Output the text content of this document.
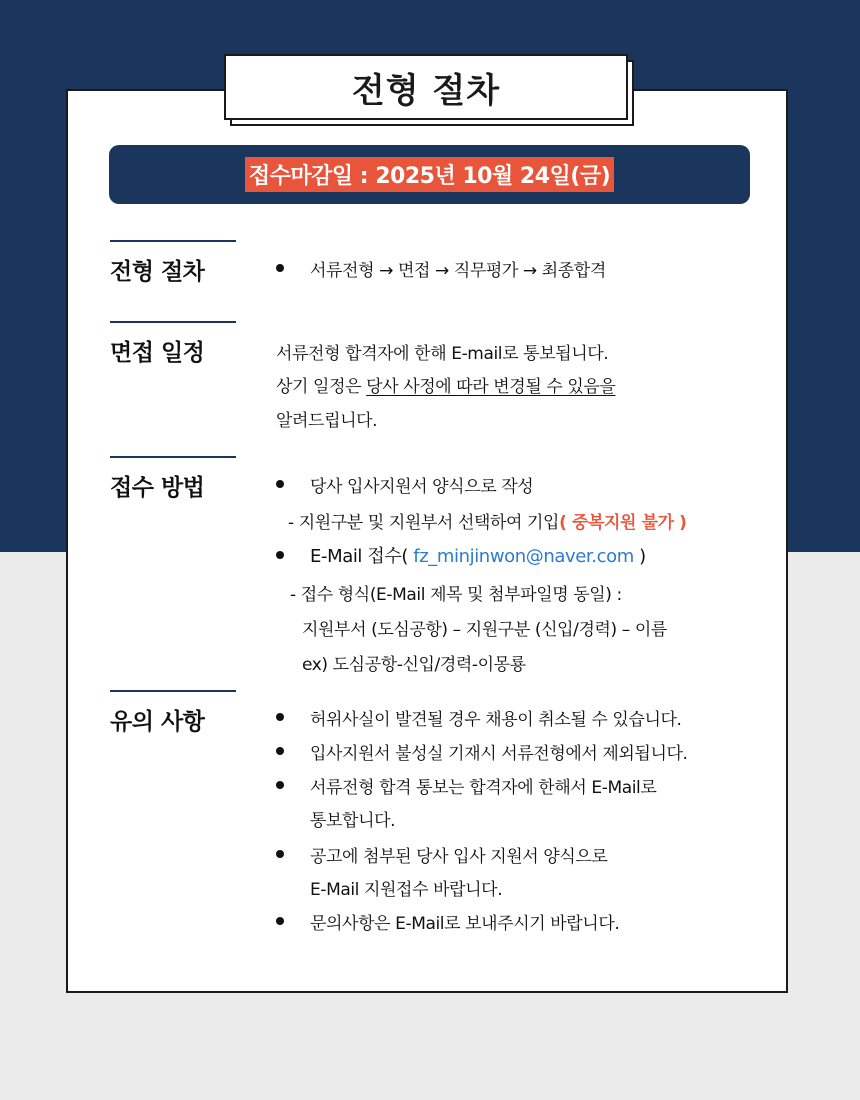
전형 절차
접수마감일 : 2025년 10월 24일(금)
전형 절차	서류전형 → 면접 → 직무평가 → 최종합격
면접 일정	서류전형 합격자에 한해 E-mail로 통보됩니다.
상기 일정은 당사 사정에 따라 변경될 수 있음을
알려드립니다.
접수 방법	당사 입사지원서 양식으로 작성
- 지원구분 및 지원부서 선택하여 기입( 중복지원 불가 )
E-Mail 접수( fz_minjinwon@naver.com )
- 접수 형식(E-Mail 제목 및 첨부파일명 동일) :
지원부서 (도심공항) – 지원구분 (신입/경력) – 이름
ex) 도심공항-신입/경력-이몽룡
유의 사항	허위사실이 발견될 경우 채용이 취소될 수 있습니다.
입사지원서 불성실 기재시 서류전형에서 제외됩니다.
서류전형 합격 통보는 합격자에 한해서 E-Mail로
통보합니다.
공고에 첨부된 당사 입사 지원서 양식으로
E-Mail 지원접수 바랍니다.
문의사항은 E-Mail로 보내주시기 바랍니다.
